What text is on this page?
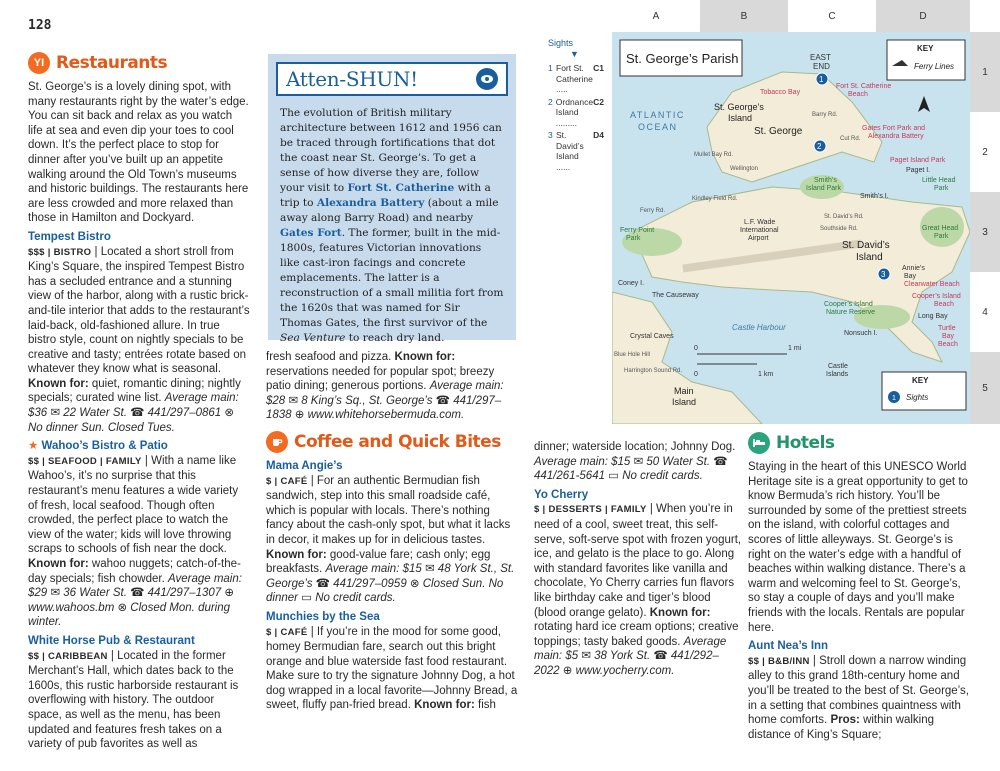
128
YI Restaurants

St. George’s is a lovely dining spot, with many restaurants right by the water’s edge. You can sit back and relax as you watch life at sea and even dip your toes to cool down. It’s the perfect place to stop for dinner after you’ve built up an appetite walking around the Old Town’s museums and historic buildings. The restaurants here are less crowded and more relaxed than those in Hamilton and Dockyard.

Tempest Bistro

$$$ | BISTRO | Located a short stroll from King’s Square, the inspired Tempest Bistro has a secluded entrance and a stunning view of the harbor, along with a rustic brick-and-tile interior that adds to the restaurant’s laid-back, old-fashioned allure. In true bistro style, count on nightly specials to be creative and tasty; entrées rotate based on whatever they know what is seasonal. Known for: quiet, romantic dining; nightly specials; curated wine list. Average main: $36 ✉ 22 Water St. ☎ 441/297–0861 ⊗ No dinner Sun. Closed Tues.

★ Wahoo’s Bistro & Patio

$$ | SEAFOOD | FAMILY | With a name like Wahoo’s, it’s no surprise that this restaurant’s menu features a wide variety of fresh, local seafood. Though often crowded, the perfect place to watch the view of the water; kids will love throwing scraps to schools of fish near the dock. Known for: wahoo nuggets; catch-of-the-day specials; fish chowder. Average main: $29 ✉ 36 Water St. ☎ 441/297–1307 ⊕ www.wahoos.bm ⊗ Closed Mon. during winter.

White Horse Pub & Restaurant

$$ | CARIBBEAN | Located in the former Merchant’s Hall, which dates back to the 1600s, this rustic harborside restaurant is overflowing with history. The outdoor space, as well as the menu, has been updated and features fresh takes on a variety of pub favorites as well as

Atten-SHUN!
The evolution of British military architecture between 1612 and 1956 can be traced through fortifications that dot the coast near St. George’s. To get a sense of how diverse they are, follow your visit to Fort St. Catherine with a trip to Alexandra Battery (about a mile away along Barry Road) and nearby Gates Fort. The former, built in the mid-1800s, features Victorian innovations like cast-iron facings and concrete emplacements. The latter is a reconstruction of a small militia fort from the 1620s that was named for Sir Thomas Gates, the first survivor of the Sea Venture to reach dry land.

fresh seafood and pizza. Known for: reservations needed for popular spot; breezy patio dining; generous portions. Average main: $28 ✉ 8 King’s Sq., St. George’s ☎ 441/297–1838 ⊕ www.whitehorsebermuda.com.

Coffee and Quick Bites
Mama Angie’s

$ | CAFÉ | For an authentic Bermudian fish sandwich, step into this small roadside café, which is popular with locals. There’s nothing fancy about the cash-only spot, but what it lacks in decor, it makes up for in delicious tastes. Known for: good-value fare; cash only; egg breakfasts. Average main: $15 ✉ 48 York St., St. George’s ☎ 441/297–0959 ⊗ Closed Sun. No dinner ▭ No credit cards.

Munchies by the Sea

$ | CAFÉ | If you’re in the mood for some good, homey Bermudian fare, search out this bright orange and blue waterside fast food restaurant. Make sure to try the signature Johnny Dog, a hot dog wrapped in a local favorite—Johnny Bread, a sweet, fluffy pan-fried bread. Known for: fish

dinner; waterside location; Johnny Dog. Average main: $15 ✉ 50 Water St. ☎ 441/261-5641 ▭ No credit cards.

Yo Cherry

$ | DESSERTS | FAMILY | When you’re in need of a cool, sweet treat, this self-serve, soft-serve spot with frozen yogurt, ice, and gelato is the place to go. Along with standard favorites like vanilla and chocolate, Yo Cherry carries fun flavors like birthday cake and tiger’s blood (blood orange gelato). Known for: rotating hard ice cream options; creative toppings; tasty baked goods. Average main: $5 ✉ 38 York St. ☎ 441/292–2022 ⊕ www.yocherry.com.

Hotels

Staying in the heart of this UNESCO World Heritage site is a great opportunity to get to know Bermuda’s rich history. You’ll be surrounded by some of the prettiest streets on the island, with colorful cottages and scores of little alleyways. St. George’s is right on the water’s edge with a handful of beaches within walking distance. There’s a warm and welcoming feel to St. George’s, so stay a couple of days and you’ll make friends with the locals. Rentals are popular here.

Aunt Nea’s Inn

$$ | B&B/INN | Stroll down a narrow winding alley to this grand 18th-century home and you’ll be treated to the best of St. George’s, in a setting that combines quaintness with home comforts. Pros: within walking distance of King’s Square;

Sights ▼
1 Fort St. Catherine .....
C1
2 Ordnance Island .........
C2
3 St. David’s Island ......
D4
St. George’s Parish
KEY
Ferry Lines
KEY
1 Sights
ATLANTIC
OCEAN
EAST
END
St. George’s
Island
St. George
St. David’s
Island
L.F. Wade
International
Airport
Castle Harbour
The Causeway
Coney I.
Crystal Caves
Main
Island
Nonsuch I.
Castle
Islands
Cooper’s Island
Nature Reserve
Smith’s
Island Park
Smith’s I.
Paget Island Park
Paget I.
Little Head
Park
Great Head
Park
Ferry Point
Park
Annie’s
Bay
Long Bay
Turtle
Bay
Beach
Clearwater Beach
Cooper’s Island
Beach
Tobacco Bay
Fort St. Catherine
Beach
Gates Fort Park and
Alexandra Battery
Mullet Bay Rd.
Cut Rd.
Barry Rd.
St. David’s Rd.
Southside Rd.
Kindley Field Rd.
Ferry Rd.
Blue Hole Hill
Harrington Sound Rd.
Wellington
1
2
3
0	1 mi
0	1 km
A	B	C	D
1
2
3
4
5
